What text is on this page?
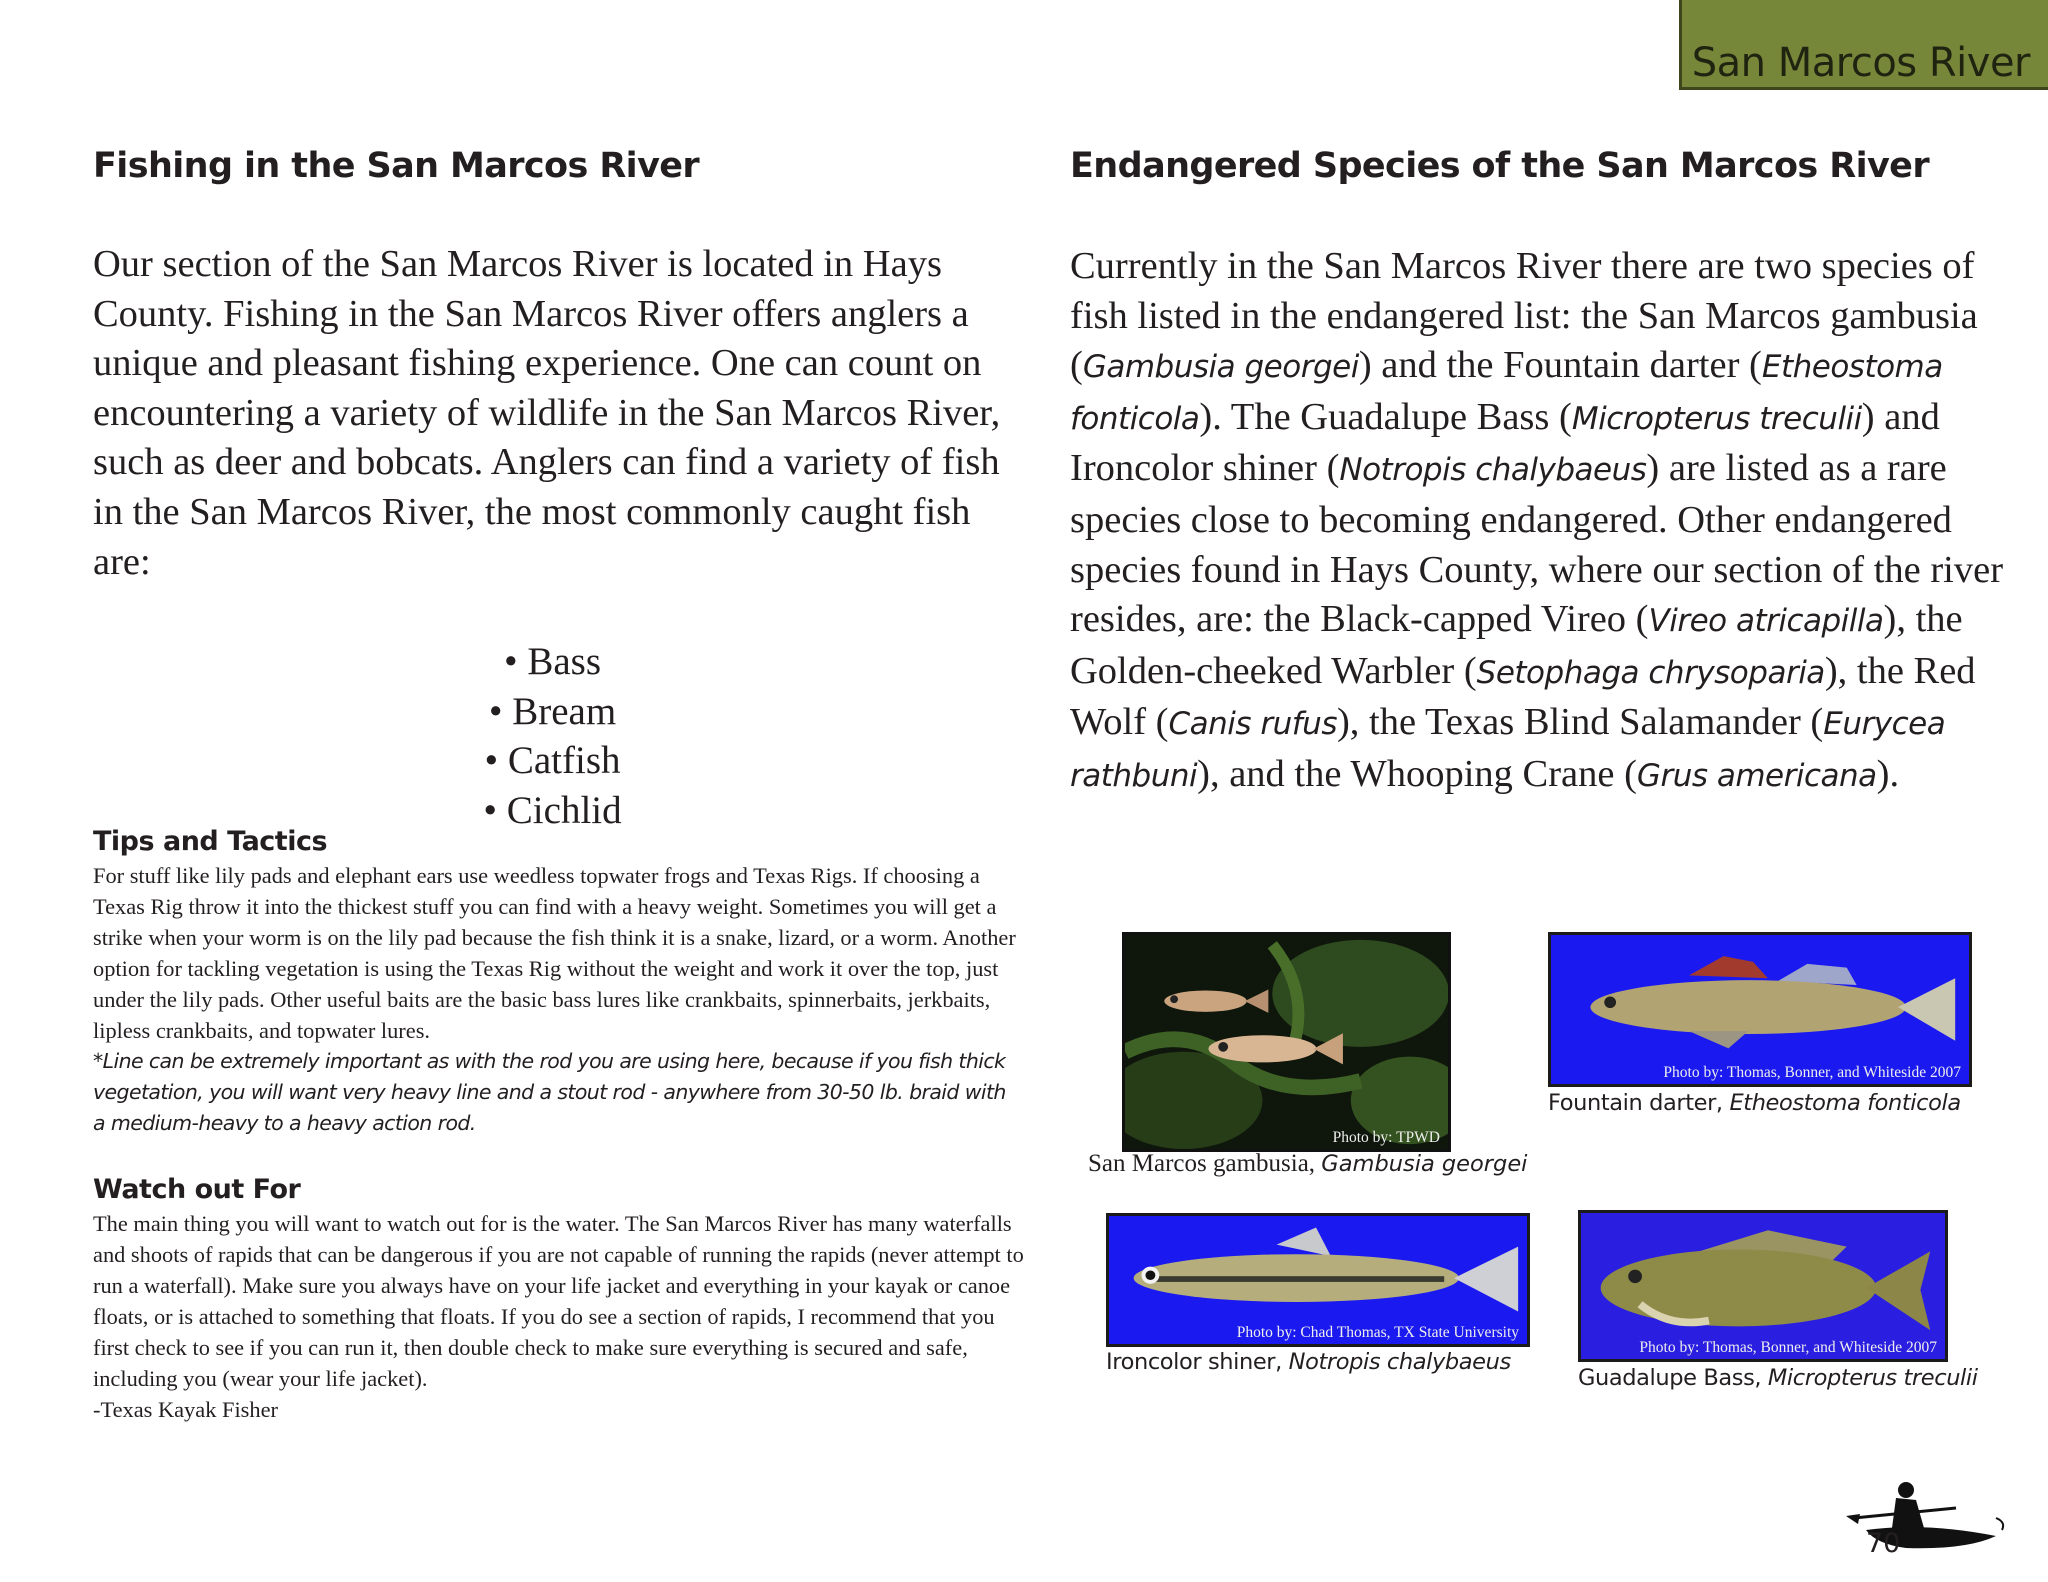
San Marcos River
Fishing in the San Marcos River

Our section of the San Marcos River is located in Hays County. Fishing in the San Marcos River offers anglers a unique and pleasant fishing experience. One can count on encountering a variety of wildlife in the San Marcos River, such as deer and bobcats. Anglers can find a variety of fish in the San Marcos River, the most commonly caught fish are:

• Bass
• Bream
• Catfish
• Cichlid
Tips and Tactics
For stuff like lily pads and elephant ears use weedless topwater frogs and Texas Rigs. If choosing a Texas Rig throw it into the thickest stuff you can find with a heavy weight. Sometimes you will get a strike when your worm is on the lily pad because the fish think it is a snake, lizard, or a worm. Another option for tackling vegetation is using the Texas Rig without the weight and work it over the top, just under the lily pads. Other useful baits are the basic bass lures like crankbaits, spinnerbaits, jerkbaits, lipless crankbaits, and topwater lures.
*Line can be extremely important as with the rod you are using here, because if you fish thick vegetation, you will want very heavy line and a stout rod - anywhere from 30-50 lb. braid with a medium-heavy to a heavy action rod.
Watch out For
The main thing you will want to watch out for is the water. The San Marcos River has many waterfalls and shoots of rapids that can be dangerous if you are not capable of running the rapids (never attempt to run a waterfall). Make sure you always have on your life jacket and everything in your kayak or canoe floats, or is attached to something that floats. If you do see a section of rapids, I recommend that you first check to see if you can run it, then double check to make sure everything is secured and safe, including you (wear your life jacket).
-Texas Kayak Fisher
Endangered Species of the San Marcos River

Currently in the San Marcos River there are two species of fish listed in the endangered list: the San Marcos gambusia (Gambusia georgei) and the Fountain darter (Etheostoma fonticola). The Guadalupe Bass (Micropterus treculii) and Ironcolor shiner (Notropis chalybaeus) are listed as a rare species close to becoming endangered. Other endangered species found in Hays County, where our section of the river resides, are: the Black-capped Vireo (Vireo atricapilla), the Golden-cheeked Warbler (Setophaga chrysoparia), the Red Wolf (Canis rufus), the Texas Blind Salamander (Eurycea rathbuni), and the Whooping Crane (Grus americana).

Photo by: TPWD

San Marcos gambusia, Gambusia georgei

Photo by: Thomas, Bonner, and Whiteside 2007

Fountain darter, Etheostoma fonticola

Photo by: Chad Thomas, TX State University

Ironcolor shiner, Notropis chalybaeus

Photo by: Thomas, Bonner, and Whiteside 2007

Guadalupe Bass, Micropterus treculii

70
